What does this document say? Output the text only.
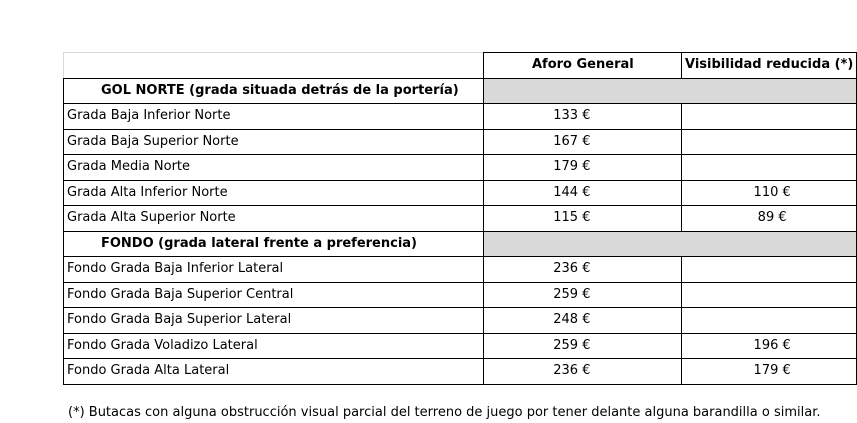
	Aforo General	Visibilidad reducida (*)
GOL NORTE (grada situada detrás de la portería)		
Grada Baja Inferior Norte	133 €	
Grada Baja Superior Norte	167 €	
Grada Media Norte	179 €	
Grada Alta Inferior Norte	144 €	110 €
Grada Alta Superior Norte	115 €	89 €
FONDO (grada lateral frente a preferencia)		
Fondo Grada Baja Inferior Lateral	236 €	
Fondo Grada Baja Superior Central	259 €	
Fondo Grada Baja Superior Lateral	248 €	
Fondo Grada Voladizo Lateral	259 €	196 €
Fondo Grada Alta Lateral	236 €	179 €
(*) Butacas con alguna obstrucción visual parcial del terreno de juego por tener delante alguna barandilla o similar.
